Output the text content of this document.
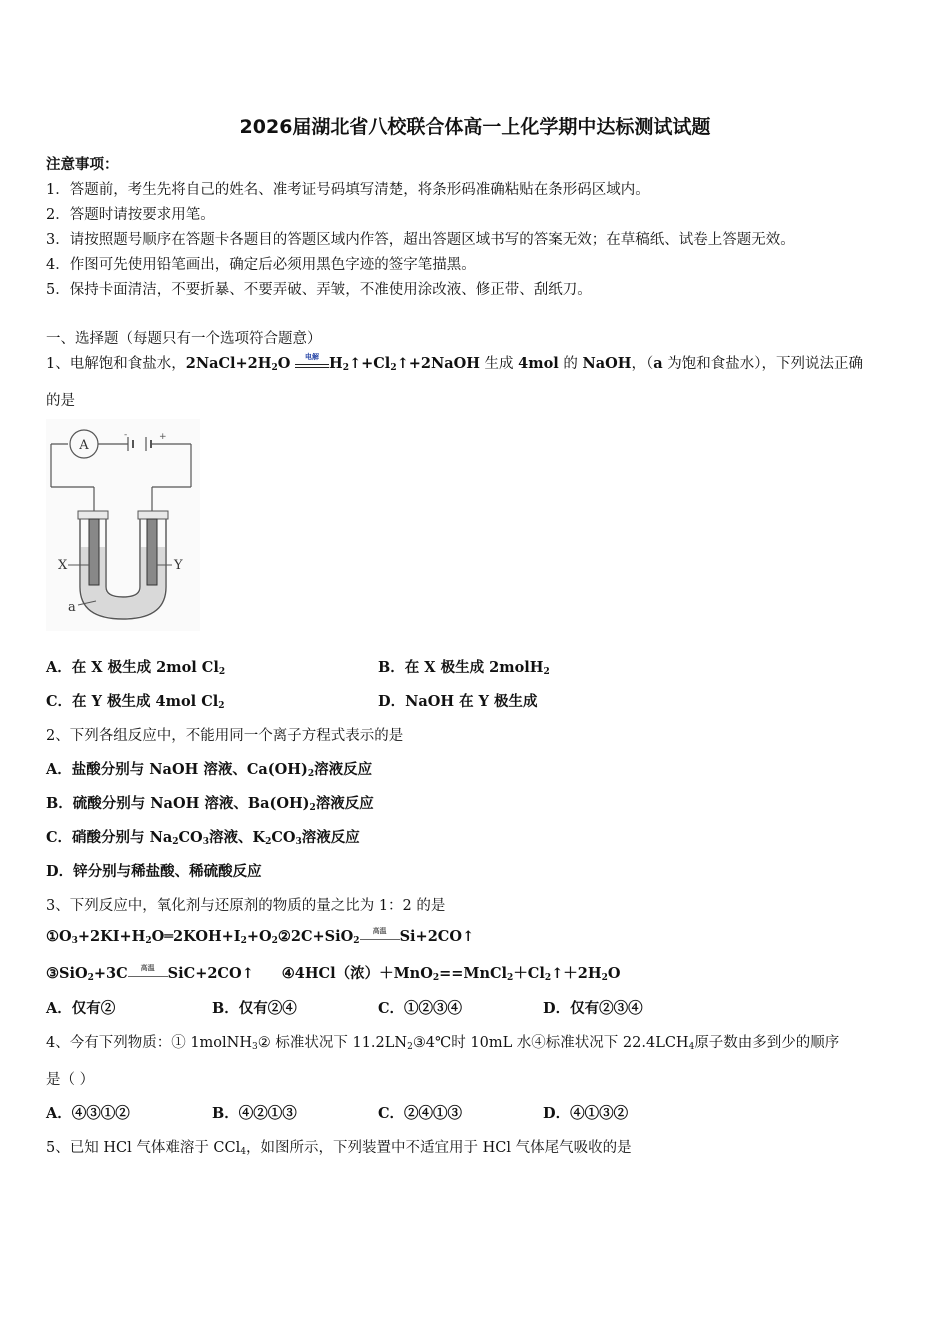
2026届湖北省八校联合体高一上化学期中达标测试试题
注意事项：
1．答题前，考生先将自己的姓名、准考证号码填写清楚，将条形码准确粘贴在条形码区域内。
2．答题时请按要求用笔。
3．请按照题号顺序在答题卡各题目的答题区域内作答，超出答题区域书写的答案无效；在草稿纸、试卷上答题无效。
4．作图可先使用铅笔画出，确定后必须用黑色字迹的签字笔描黑。
5．保持卡面清洁，不要折暴、不要弄破、弄皱，不准使用涂改液、修正带、刮纸刀。
一、选择题（每题只有一个选项符合题意）
1、电解饱和食盐水，$2NaCl+2H_2O$	电解 $H_2↑+Cl_2↑+2NaOH$ 生成 4mol 的 NaOH，（a 为饱和食盐水），下列说法正确
的是
A
-	+
X	Y
a
A．在 X 极生成 2mol $Cl_2$	B．在 X 极生成 2molH$_2$
C．在 Y 极生成 4mol $Cl_2$	D．NaOH 在 Y 极生成
2、下列各组反应中，不能用同一个离子方程式表示的是
A．盐酸分别与 NaOH 溶液、$Ca(OH)_2$溶液反应
B．硫酸分别与 NaOH 溶液、$Ba(OH)_2$溶液反应
C．硝酸分别与 $Na_2CO_3$溶液、$K_2CO_3$溶液反应
D．锌分别与稀盐酸、稀硫酸反应
3、下列反应中，氧化剂与还原剂的物质的量之比为 1：2 的是
$①O_3+2KI+H_2O═2KOH+I_2+O_2②2C+SiO_2$
高温 Si+2CO↑
③SiO$_2$+3C	高温 SiC+2CO↑ ④4HCl（浓）$+MnO_2==MnCl_2+Cl_2↑+2H_2O$
A．仅有②	B．仅有②④	C．①②③④	D．仅有②③④
4、今有下列物质：① 1molNH$_3$② 标准状况下 $11.2LN_2③4℃$时 10mL 水④标准状况下 $22.4LCH_4$原子数由多到少的顺序
是（ ）
A．④③①②	B．④②①③	C．②④①③	D．④①③②
5、已知 HCl 气体难溶于 CCl$_4$，如图所示，下列装置中不适宜用于 HCl 气体尾气吸收的是
